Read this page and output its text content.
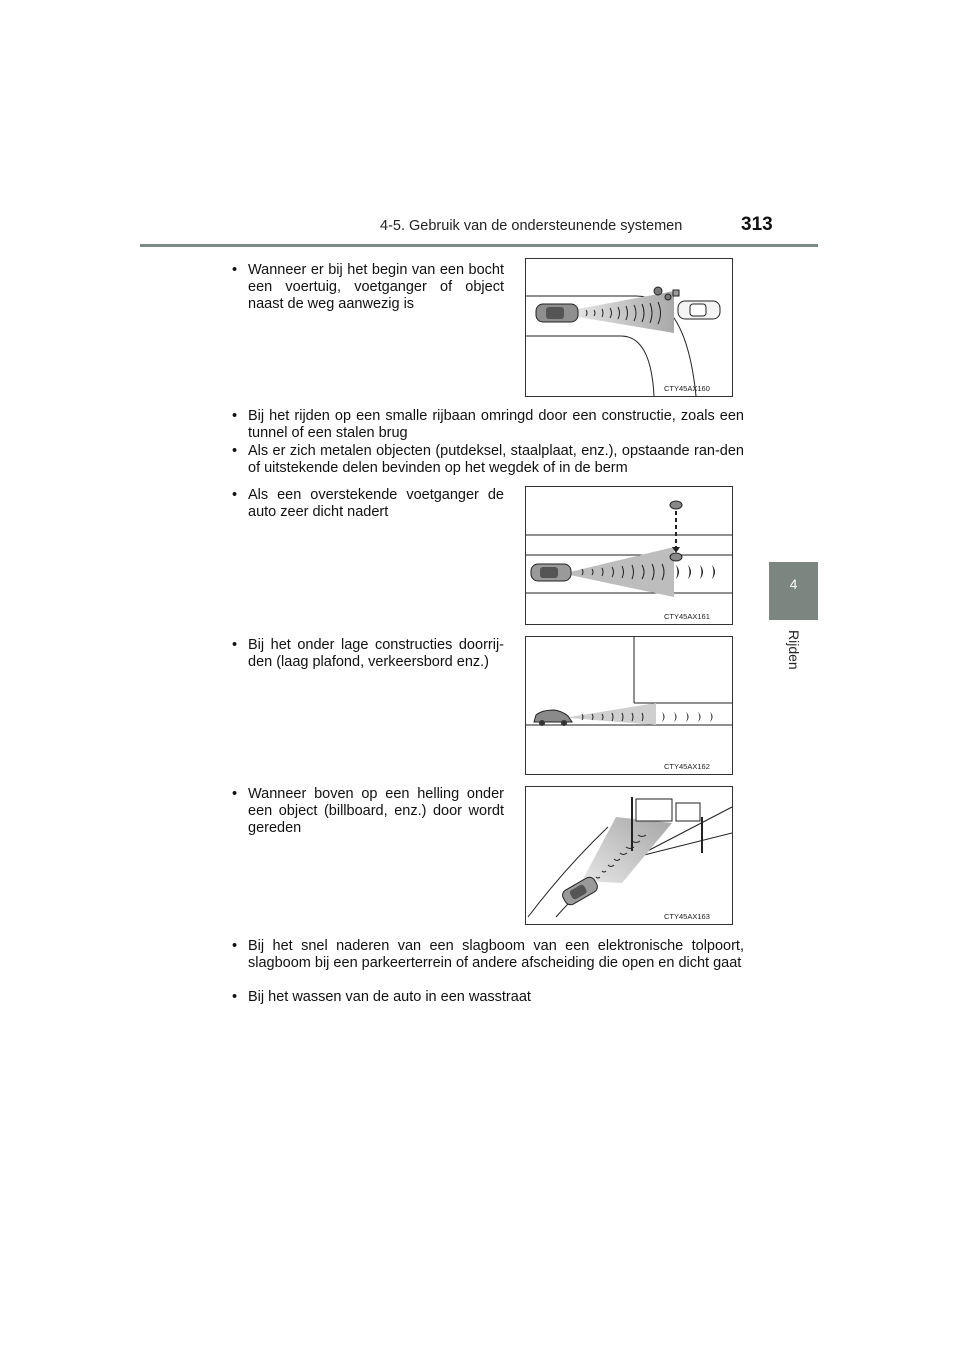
4-5. Gebruik van de ondersteunende systemen	313
4
Rijden
• Wanneer er bij het begin van een bocht een voertuig, voetganger of object naast de weg aanwezig is
• Bij het rijden op een smalle rijbaan omringd door een constructie, zoals een tunnel of een stalen brug
• Als er zich metalen objecten (putdeksel, staalplaat, enz.), opstaande ran-den of uitstekende delen bevinden op het wegdek of in de berm
• Als een overstekende voetganger de auto zeer dicht nadert
• Bij het onder lage constructies doorrij-den (laag plafond, verkeersbord enz.)
• Wanneer boven op een helling onder een object (billboard, enz.) door wordt gereden
• Bij het snel naderen van een slagboom van een elektronische tolpoort, slagboom bij een parkeerterrein of andere afscheiding die open en dicht gaat
• Bij het wassen van de auto in een wasstraat
CTY45AX160
CTY45AX161
CTY45AX162
CTY45AX163
